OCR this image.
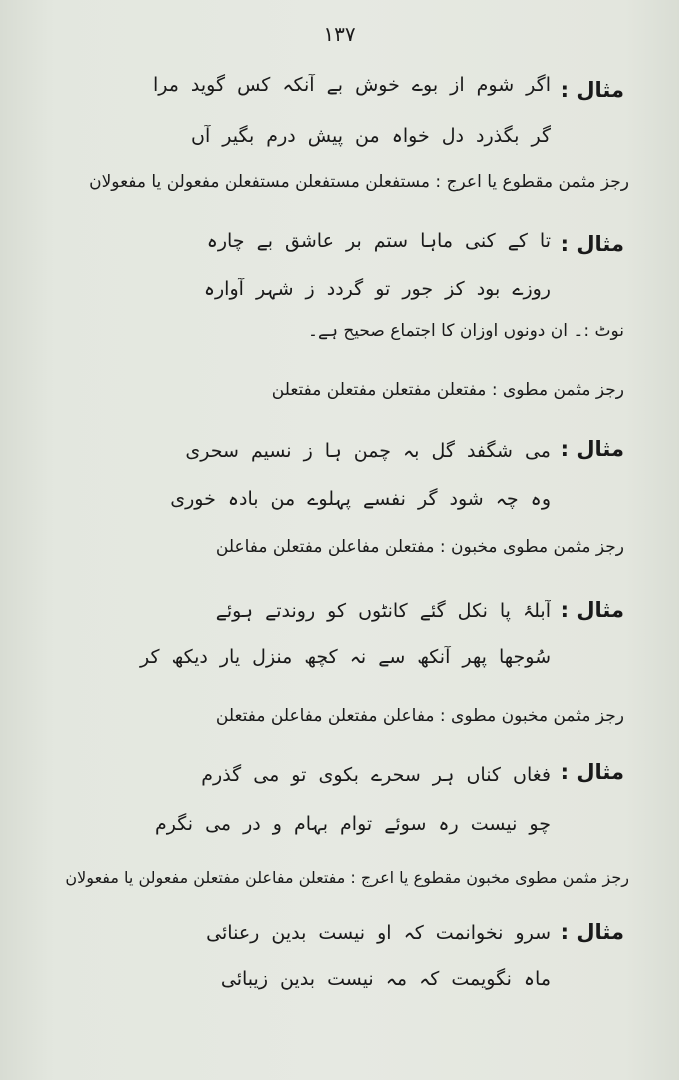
۱۳۷
مثال :
اگر شوم از بوے خوش بے آنکہ کس گوید مرا
گر بگذرد دل خواہ من پیش درم بگیر آں
رجز مثمن مقطوع یا اعرج : مستفعلن مستفعلن مستفعلن مفعولن یا مفعولان
مثال :
تا کے کنی ماہا ستم بر عاشق بے چارہ
روزے بود کز جور تو گردد ز شہر آوارہ
نوٹ :۔ ان دونوں اوزان کا اجتماع صحیح ہے۔
رجز مثمن مطوی : مفتعلن مفتعلن مفتعلن مفتعلن
مثال :
می شگفد گل بہ چمن ہا ز نسیم سحری
وہ چہ شود گر نفسے پہلوے من بادہ خوری
رجز مثمن مطوی مخبون : مفتعلن مفاعلن مفتعلن مفاعلن
مثال :
آبلۂ پا نکل گئے کانٹوں کو روندتے ہوئے
سُوجھا پھر آنکھ سے نہ کچھ منزل یار دیکھ کر
رجز مثمن مخبون مطوی : مفاعلن مفتعلن مفاعلن مفتعلن
مثال :
فغاں کناں ہر سحرے بکوی تو می گذرم
چو نیست رہ سوئے توام بہام و در می نگرم
رجز مثمن مطوی مخبون مقطوع یا اعرج : مفتعلن مفاعلن مفتعلن مفعولن یا مفعولان
مثال :
سرو نخوانمت کہ او نیست بدین رعنائی
ماہ نگویمت کہ مہ نیست بدین زیبائی
